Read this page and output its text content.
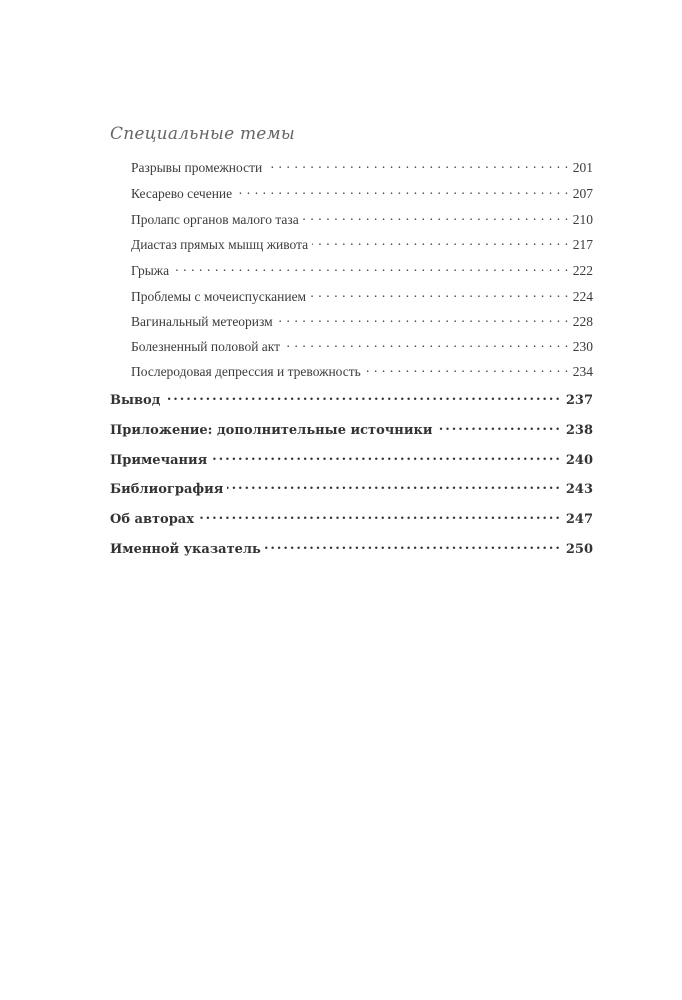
Специальные темы
Разрывы промежности . . .	201
Кесарево сечение . . .	207
Пролапс органов малого таза . . .	210
Диастаз прямых мышц живота . . .	217
Грыжа . . .	222
Проблемы с мочеиспусканием . . .	224
Вагинальный метеоризм . . .	228
Болезненный половой акт . . .	230
Послеродовая депрессия и тревожность . . .	234
Вывод .....	237
Приложение: дополнительные источники .....	238
Примечания .....	240
Библиография .....	243
Об авторах .....	247
Именной указатель .....	250
